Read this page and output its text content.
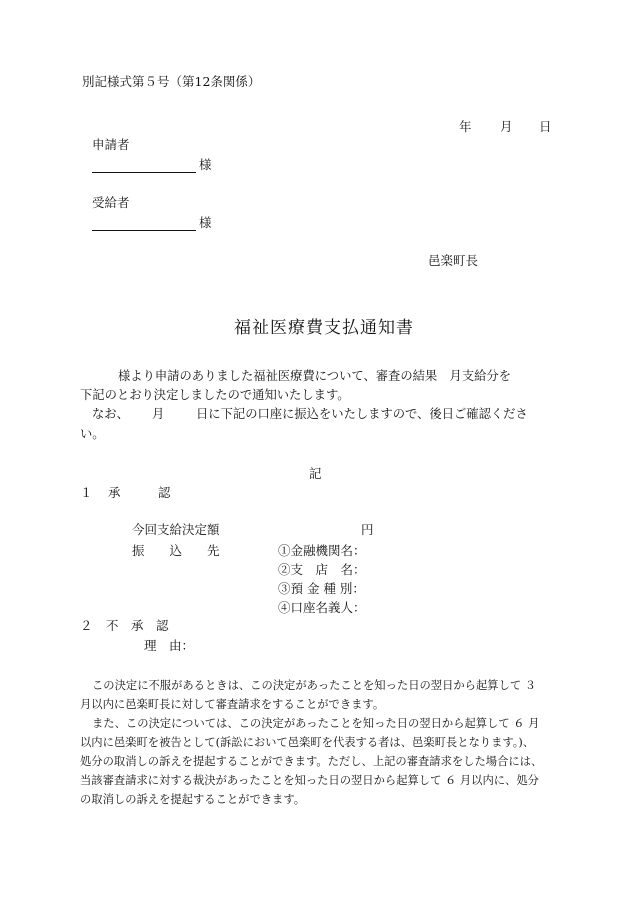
別記様式第５号（第12条関係）
年 月 日
申請者
様
受給者
様
邑楽町長
福祉医療費支払通知書
様より申請のありました福祉医療費について、審査の結果　月支給分を
下記のとおり決定しましたので通知いたします。
なお、 月	日に下記の口座に振込をいたしますので、後日ご確認くださ
い。
記
１ 承　　　認
今回支給決定額	円
振　　込　　先	①金融機関名：
②支　店　名：
③預 金 種 別：
④口座名義人：
２ 不　承　認
理　由：
この決定に不服があるときは、この決定があったことを知った日の翌日から起算して ３
月以内に邑楽町長に対して審査請求をすることができます。
また、この決定については、この決定があったことを知った日の翌日から起算して ６ 月
以内に邑楽町を被告として(訴訟において邑楽町を代表する者は、邑楽町長となります。)、
処分の取消しの訴えを提起することができます。ただし、上記の審査請求をした場合には、
当該審査請求に対する裁決があったことを知った日の翌日から起算して ６ 月以内に、処分
の取消しの訴えを提起することができます。
